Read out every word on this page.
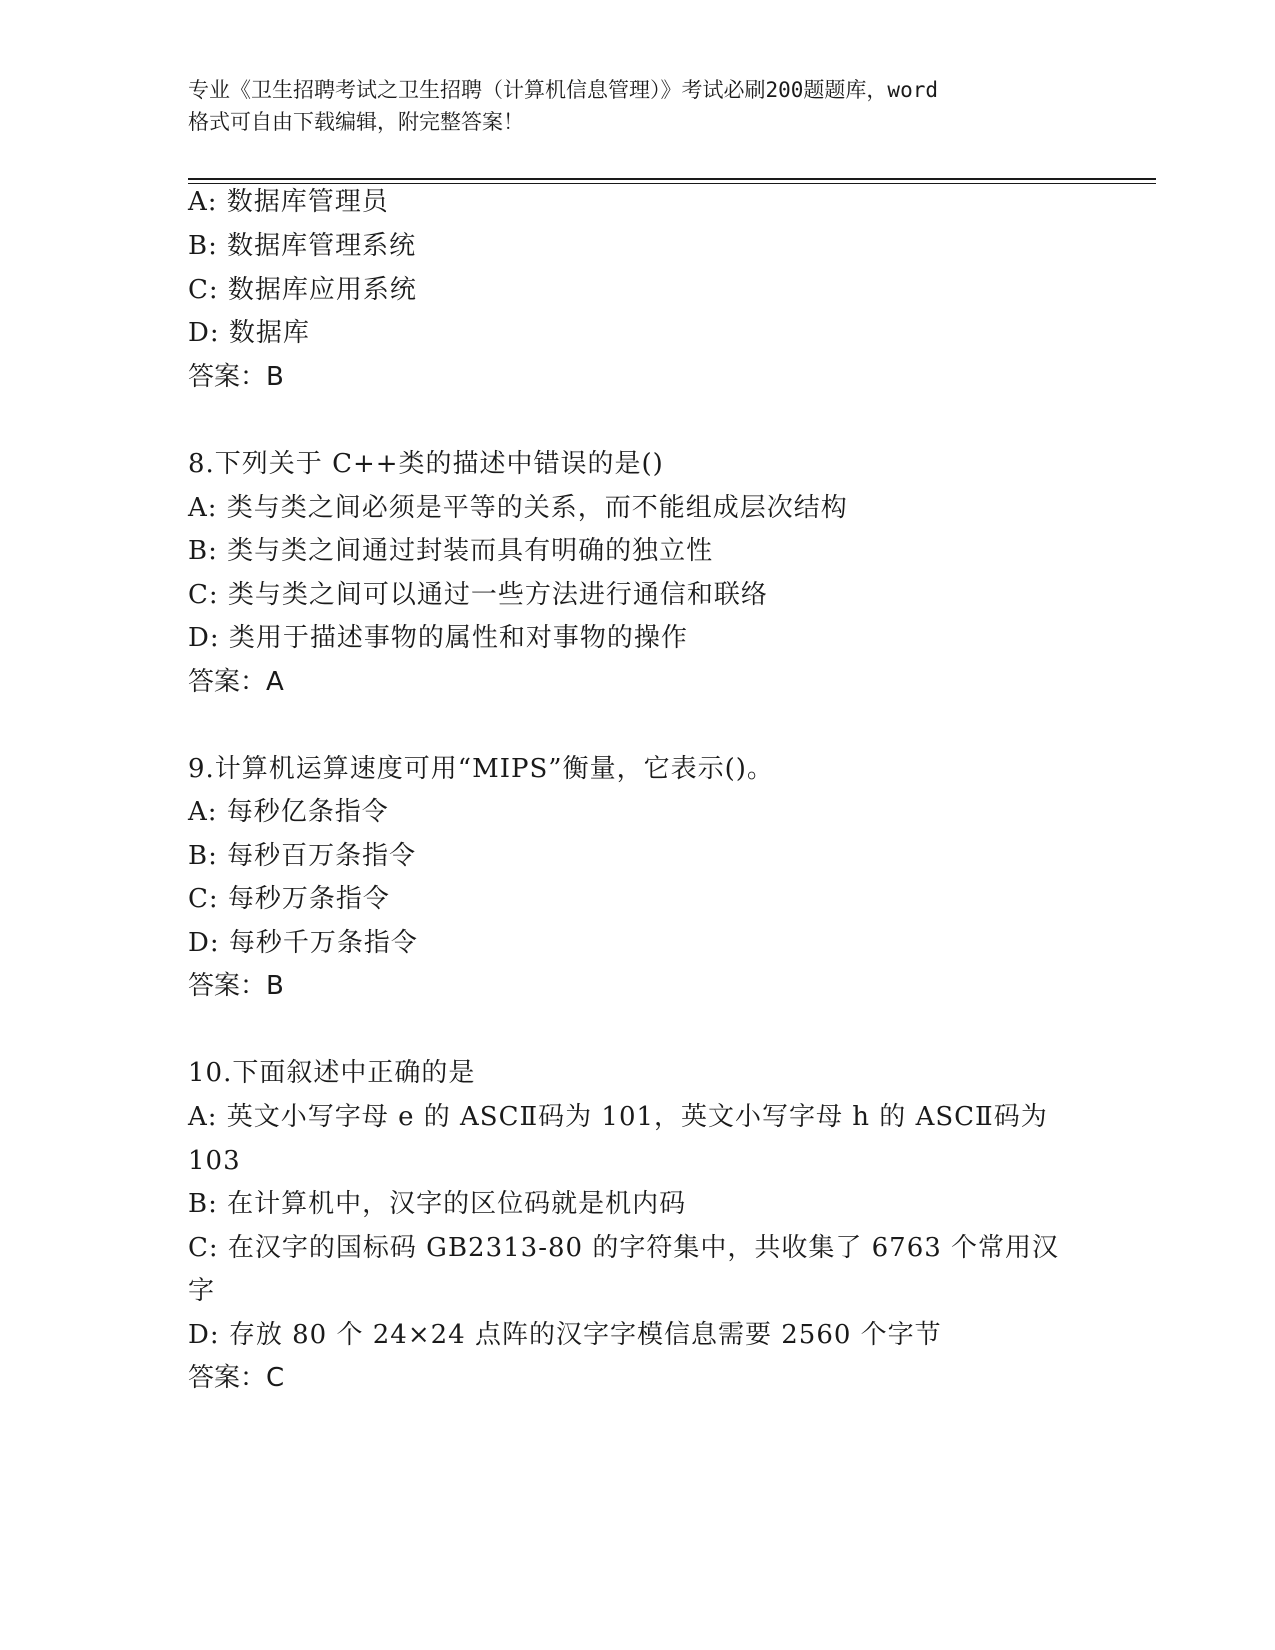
专业《卫生招聘考试之卫生招聘（计算机信息管理）》考试必刷200题题库，word
格式可自由下载编辑，附完整答案！
A: 数据库管理员
B: 数据库管理系统
C: 数据库应用系统
D: 数据库
答案：B
8.下列关于 C++类的描述中错误的是()
A: 类与类之间必须是平等的关系，而不能组成层次结构
B: 类与类之间通过封装而具有明确的独立性
C: 类与类之间可以通过一些方法进行通信和联络
D: 类用于描述事物的属性和对事物的操作
答案：A
9.计算机运算速度可用“MIPS”衡量，它表示()。
A: 每秒亿条指令
B: 每秒百万条指令
C: 每秒万条指令
D: 每秒千万条指令
答案：B
10.下面叙述中正确的是
A: 英文小写字母 e 的 ASCⅡ码为 101，英文小写字母 h 的 ASCⅡ码为
103
B: 在计算机中，汉字的区位码就是机内码
C: 在汉字的国标码 GB2313-80 的字符集中，共收集了 6763 个常用汉
字
D: 存放 80 个 24×24 点阵的汉字字模信息需要 2560 个字节
答案：C
